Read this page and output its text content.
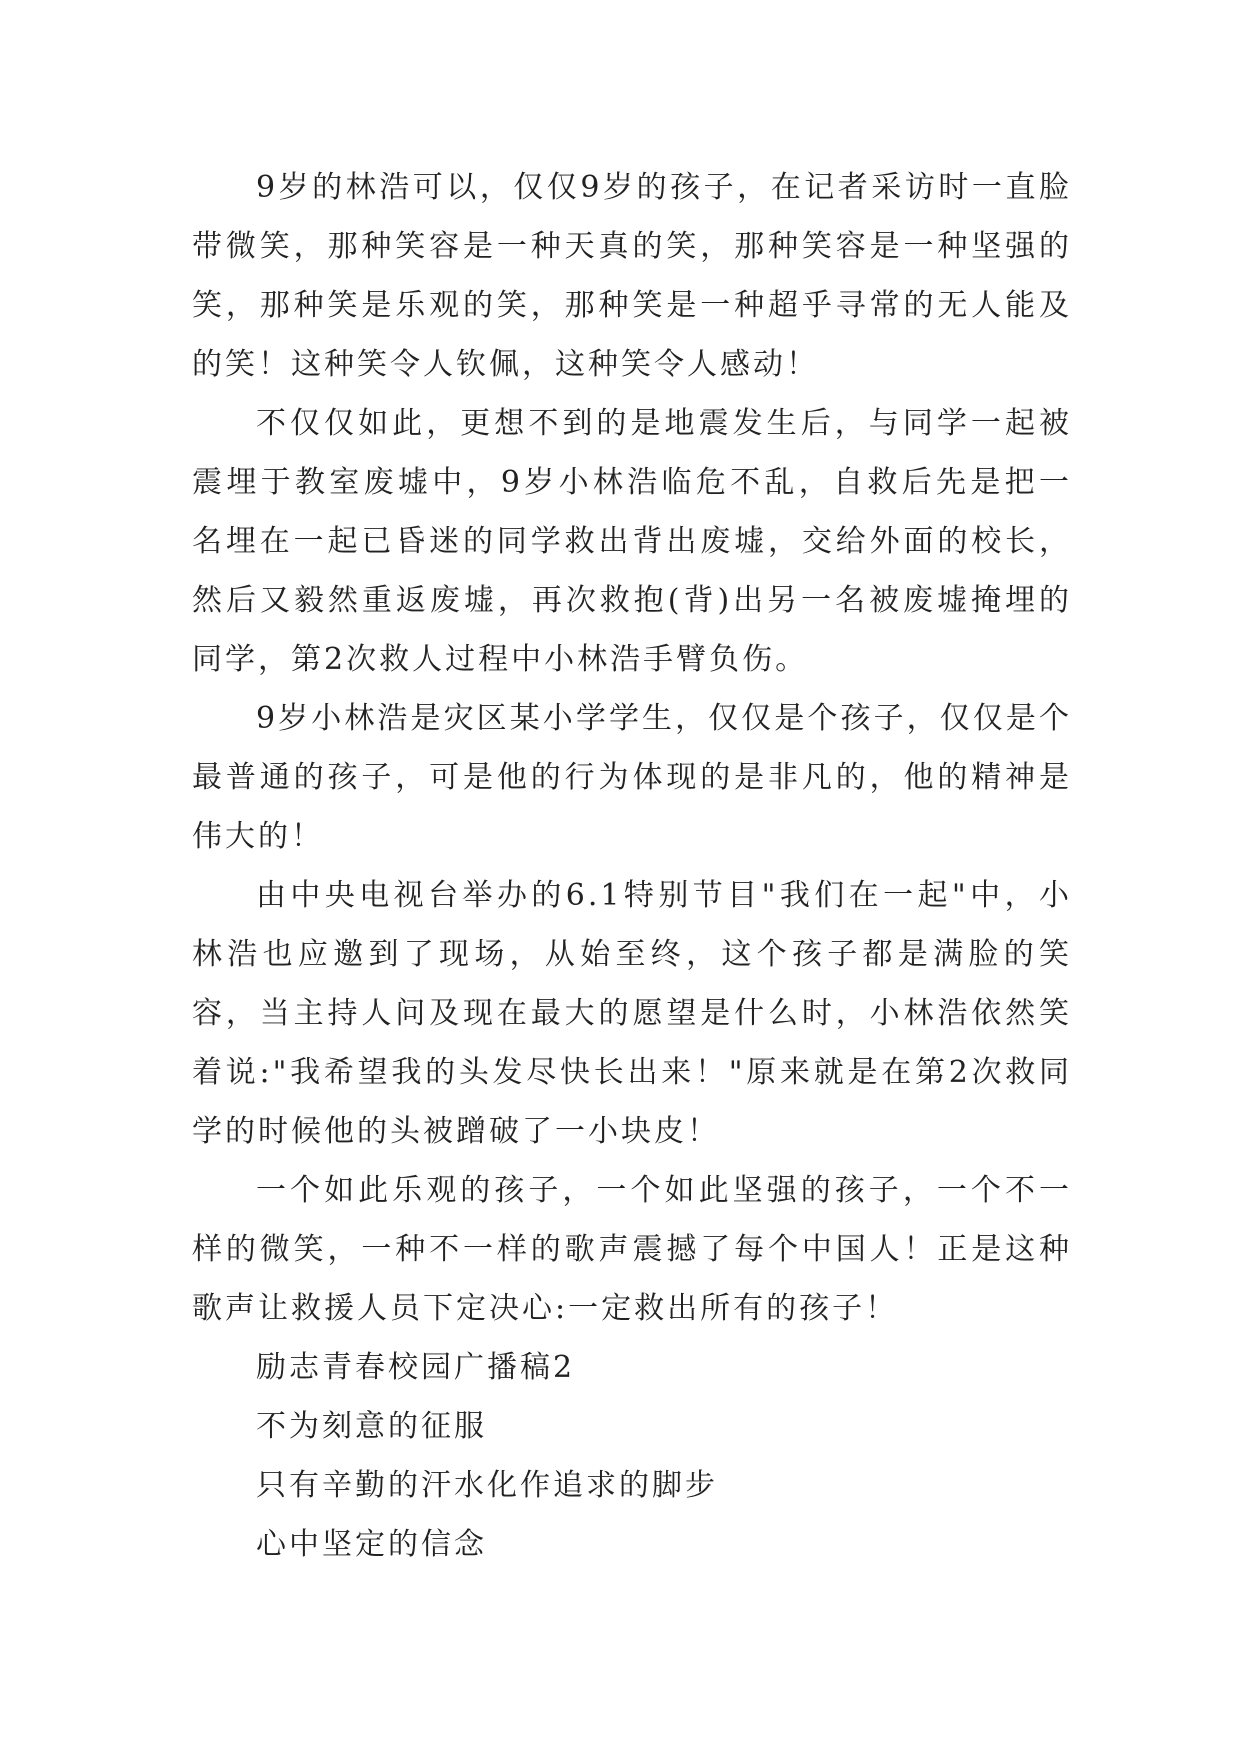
9岁的林浩可以，仅仅9岁的孩子，在记者采访时一直脸带微笑，那种笑容是一种天真的笑，那种笑容是一种坚强的笑，那种笑是乐观的笑，那种笑是一种超乎寻常的无人能及的笑！这种笑令人钦佩，这种笑令人感动！

不仅仅如此，更想不到的是地震发生后，与同学一起被震埋于教室废墟中，9岁小林浩临危不乱，自救后先是把一名埋在一起已昏迷的同学救出背出废墟，交给外面的校长，然后又毅然重返废墟，再次救抱(背)出另一名被废墟掩埋的同学，第2次救人过程中小林浩手臂负伤。

9岁小林浩是灾区某小学学生，仅仅是个孩子，仅仅是个最普通的孩子，可是他的行为体现的是非凡的，他的精神是伟大的！

由中央电视台举办的6.1特别节目"我们在一起"中，小林浩也应邀到了现场，从始至终，这个孩子都是满脸的笑容，当主持人问及现在最大的愿望是什么时，小林浩依然笑着说:"我希望我的头发尽快长出来！"原来就是在第2次救同学的时候他的头被蹭破了一小块皮！

一个如此乐观的孩子，一个如此坚强的孩子，一个不一样的微笑，一种不一样的歌声震撼了每个中国人！正是这种歌声让救援人员下定决心:一定救出所有的孩子！

励志青春校园广播稿2

不为刻意的征服

只有辛勤的汗水化作追求的脚步

心中坚定的信念
